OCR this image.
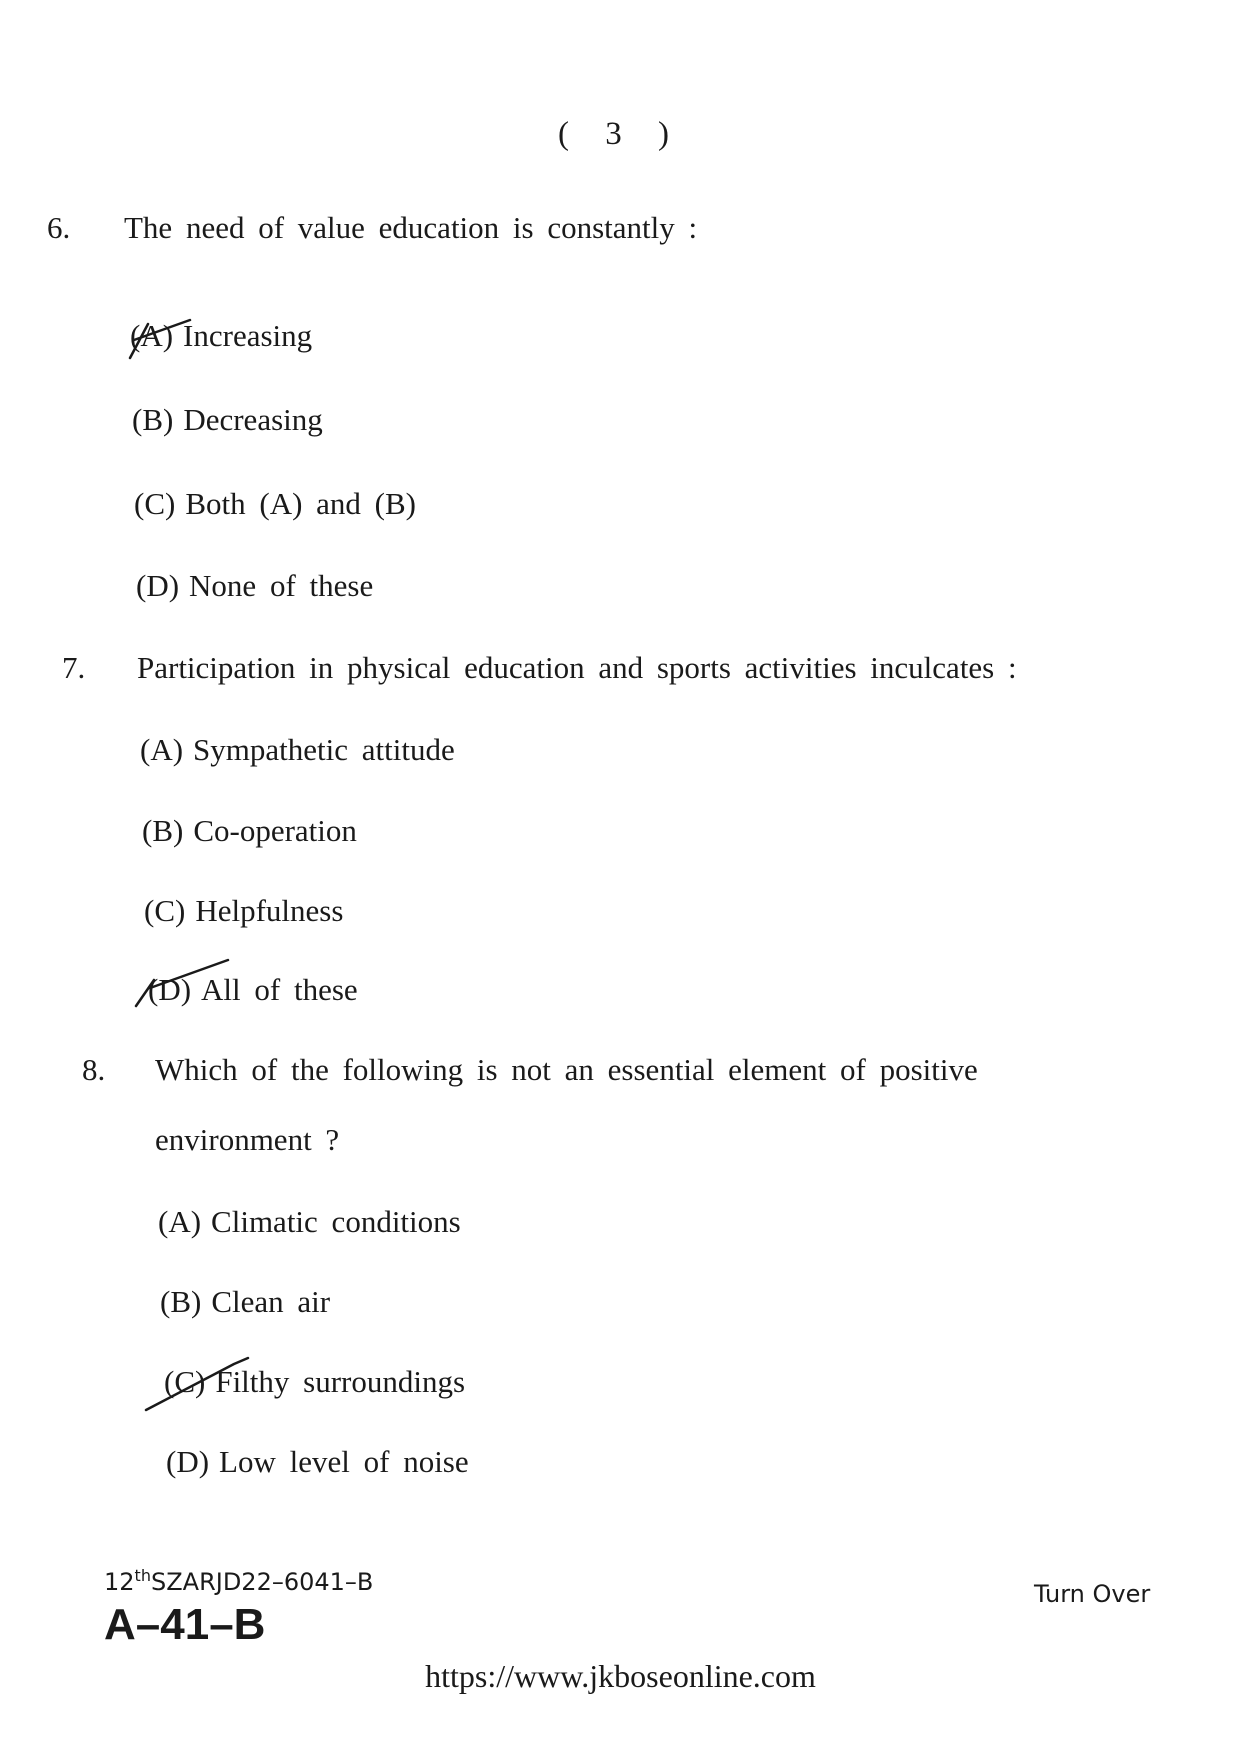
( 3 )
6. The need of value education is constantly :
(A) Increasing
(B) Decreasing
(C) Both (A) and (B)
(D) None of these
7. Participation in physical education and sports activities inculcates :
(A) Sympathetic attitude
(B) Co-operation
(C) Helpfulness
(D) All of these
8. Which of the following is not an essential element of positive
environment ?
(A) Climatic conditions
(B) Clean air
(C) Filthy surroundings
(D) Low level of noise
12thSZARJD22–6041–B
A–41–B
Turn Over
https://www.jkboseonline.com
